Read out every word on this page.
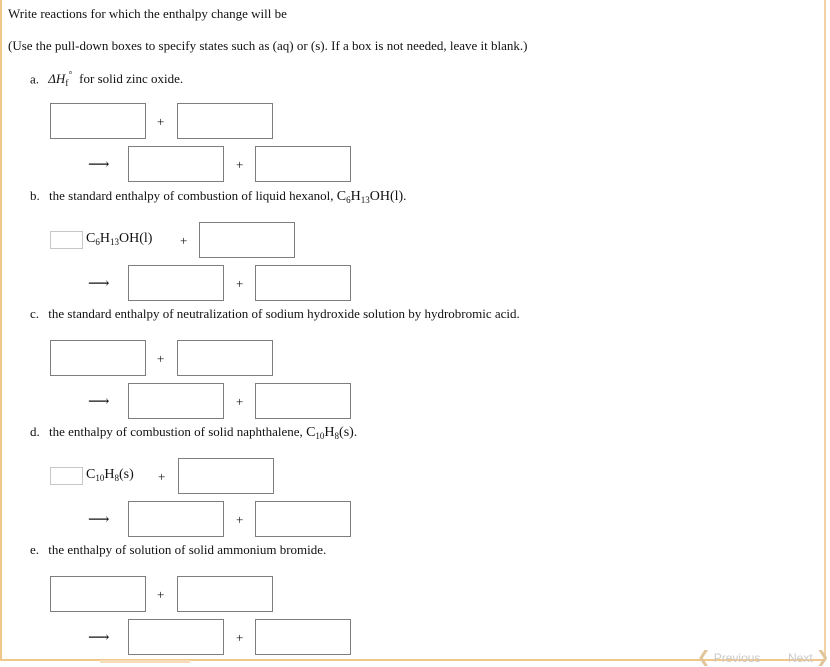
Write reactions for which the enthalpy change will be
(Use the pull-down boxes to specify states such as (aq) or (s). If a box is not needed, leave it blank.)
a. $\Delta H_f^\circ$ for solid zinc oxide.
+
⟶	+
b. the standard enthalpy of combustion of liquid hexanol, $C_6H_{13}OH(l)$.
$C_6H_{13}OH(l)$ +
⟶	+
c. the standard enthalpy of neutralization of sodium hydroxide solution by hydrobromic acid.
+
⟶	+
d. the enthalpy of combustion of solid naphthalene, $C_{10}H_8(s)$.
$C_{10}H_8(s)$ +
⟶	+
e. the enthalpy of solution of solid ammonium bromide.
+
⟶	+
❮ Previous Next ❯
